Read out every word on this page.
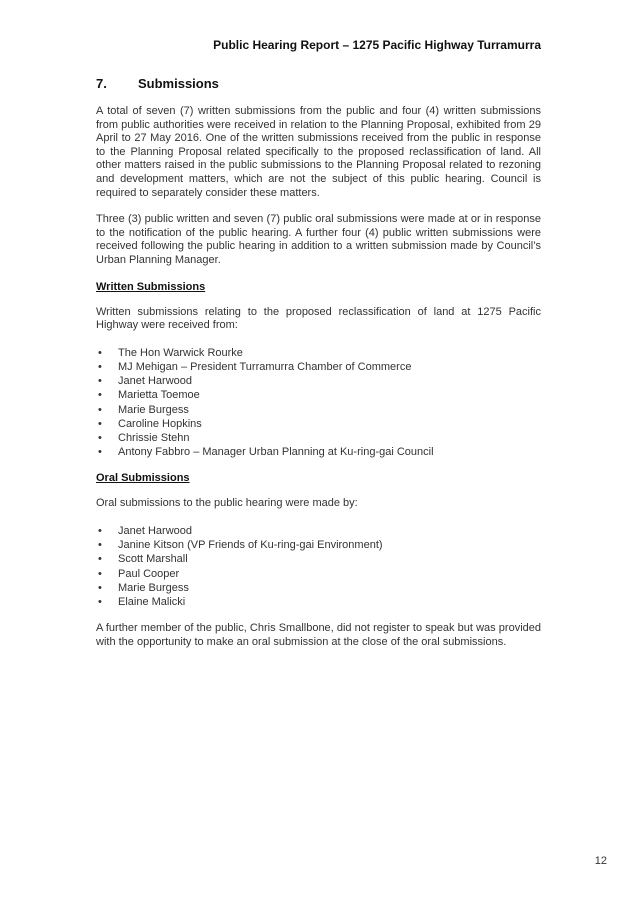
Public Hearing Report – 1275 Pacific Highway Turramurra
7.	Submissions

A total of seven (7) written submissions from the public and four (4) written submissions from public authorities were received in relation to the Planning Proposal, exhibited from 29 April to 27 May 2016. One of the written submissions received from the public in response to the Planning Proposal related specifically to the proposed reclassification of land. All other matters raised in the public submissions to the Planning Proposal related to rezoning and development matters, which are not the subject of this public hearing. Council is required to separately consider these matters.

Three (3) public written and seven (7) public oral submissions were made at or in response to the notification of the public hearing. A further four (4) public written submissions were received following the public hearing in addition to a written submission made by Council’s Urban Planning Manager.

Written Submissions

Written submissions relating to the proposed reclassification of land at 1275 Pacific Highway were received from:

•	The Hon Warwick Rourke
•	MJ Mehigan – President Turramurra Chamber of Commerce
•	Janet Harwood
•	Marietta Toemoe
•	Marie Burgess
•	Caroline Hopkins
•	Chrissie Stehn
•	Antony Fabbro – Manager Urban Planning at Ku-ring-gai Council
Oral Submissions

Oral submissions to the public hearing were made by:

•	Janet Harwood
•	Janine Kitson (VP Friends of Ku-ring-gai Environment)
•	Scott Marshall
•	Paul Cooper
•	Marie Burgess
•	Elaine Malicki

A further member of the public, Chris Smallbone, did not register to speak but was provided with the opportunity to make an oral submission at the close of the oral submissions.

12
